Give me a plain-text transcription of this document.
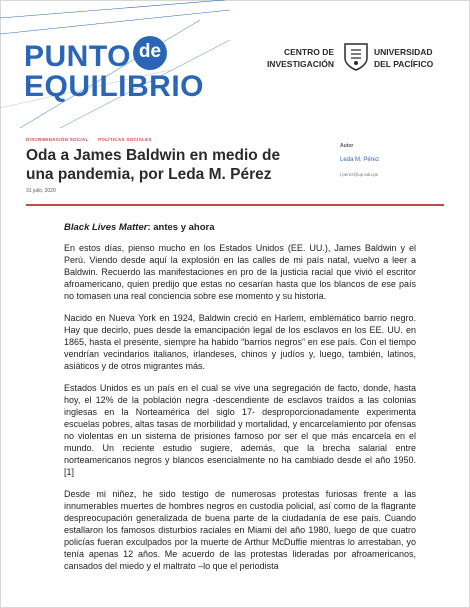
PUNTO de
EQUILIBRIO
CENTRO DE
INVESTIGACIÓN
UNIVERSIDAD
DEL PACÍFICO
DISCRIMINACIÓN SOCIAL POLÍTICAS SOCIALES
Oda a James Baldwin en medio de una pandemia, por Leda M. Pérez
31 julio, 2020
Autor
Leda M. Pérez
l.perez@up.edu.pe
Black Lives Matter: antes y ahora

En estos días, pienso mucho en los Estados Unidos (EE. UU.), James Baldwin y el Perú. Viendo desde aquí la explosión en las calles de mi país natal, vuelvo a leer a Baldwin. Recuerdo las manifestaciones en pro de la justicia racial que vivió el escritor afroamericano, quien predijo que estas no cesarían hasta que los blancos de ese país no tomasen una real conciencia sobre ese momento y su historia.

Nacido en Nueva York en 1924, Baldwin creció en Harlem, emblemático barrio negro. Hay que decirlo, pues desde la emancipación legal de los esclavos en los EE. UU. en 1865, hasta el presente, siempre ha habido “barrios negros” en ese país. Con el tiempo vendrían vecindarios italianos, irlandeses, chinos y judíos y, luego, también, latinos, asiáticos y de otros migrantes más.

Estados Unidos es un país en el cual se vive una segregación de facto, donde, hasta hoy, el 12% de la población negra -descendiente de esclavos traídos a las colonias inglesas en la Norteamérica del siglo 17- desproporcionadamente experimenta escuelas pobres, altas tasas de morbilidad y mortalidad, y encarcelamiento por ofensas no violentas en un sistema de prisiones famoso por ser el que más encarcela en el mundo. Un reciente estudio sugiere, además, que la brecha salarial entre norteamericanos negros y blancos esencialmente no ha cambiado desde el año 1950. [1]

Desde mi niñez, he sido testigo de numerosas protestas furiosas frente a las innumerables muertes de hombres negros en custodia policial, así como de la flagrante despreocupación generalizada de buena parte de la ciudadanía de ese país. Cuando estallaron los famosos disturbios raciales en Miami del año 1980, luego de que cuatro policías fueran exculpados por la muerte de Arthur McDuffie mientras lo arrestaban, yo tenía apenas 12 años. Me acuerdo de las protestas lideradas por afroamericanos, cansados del miedo y el maltrato –lo que el periodista
